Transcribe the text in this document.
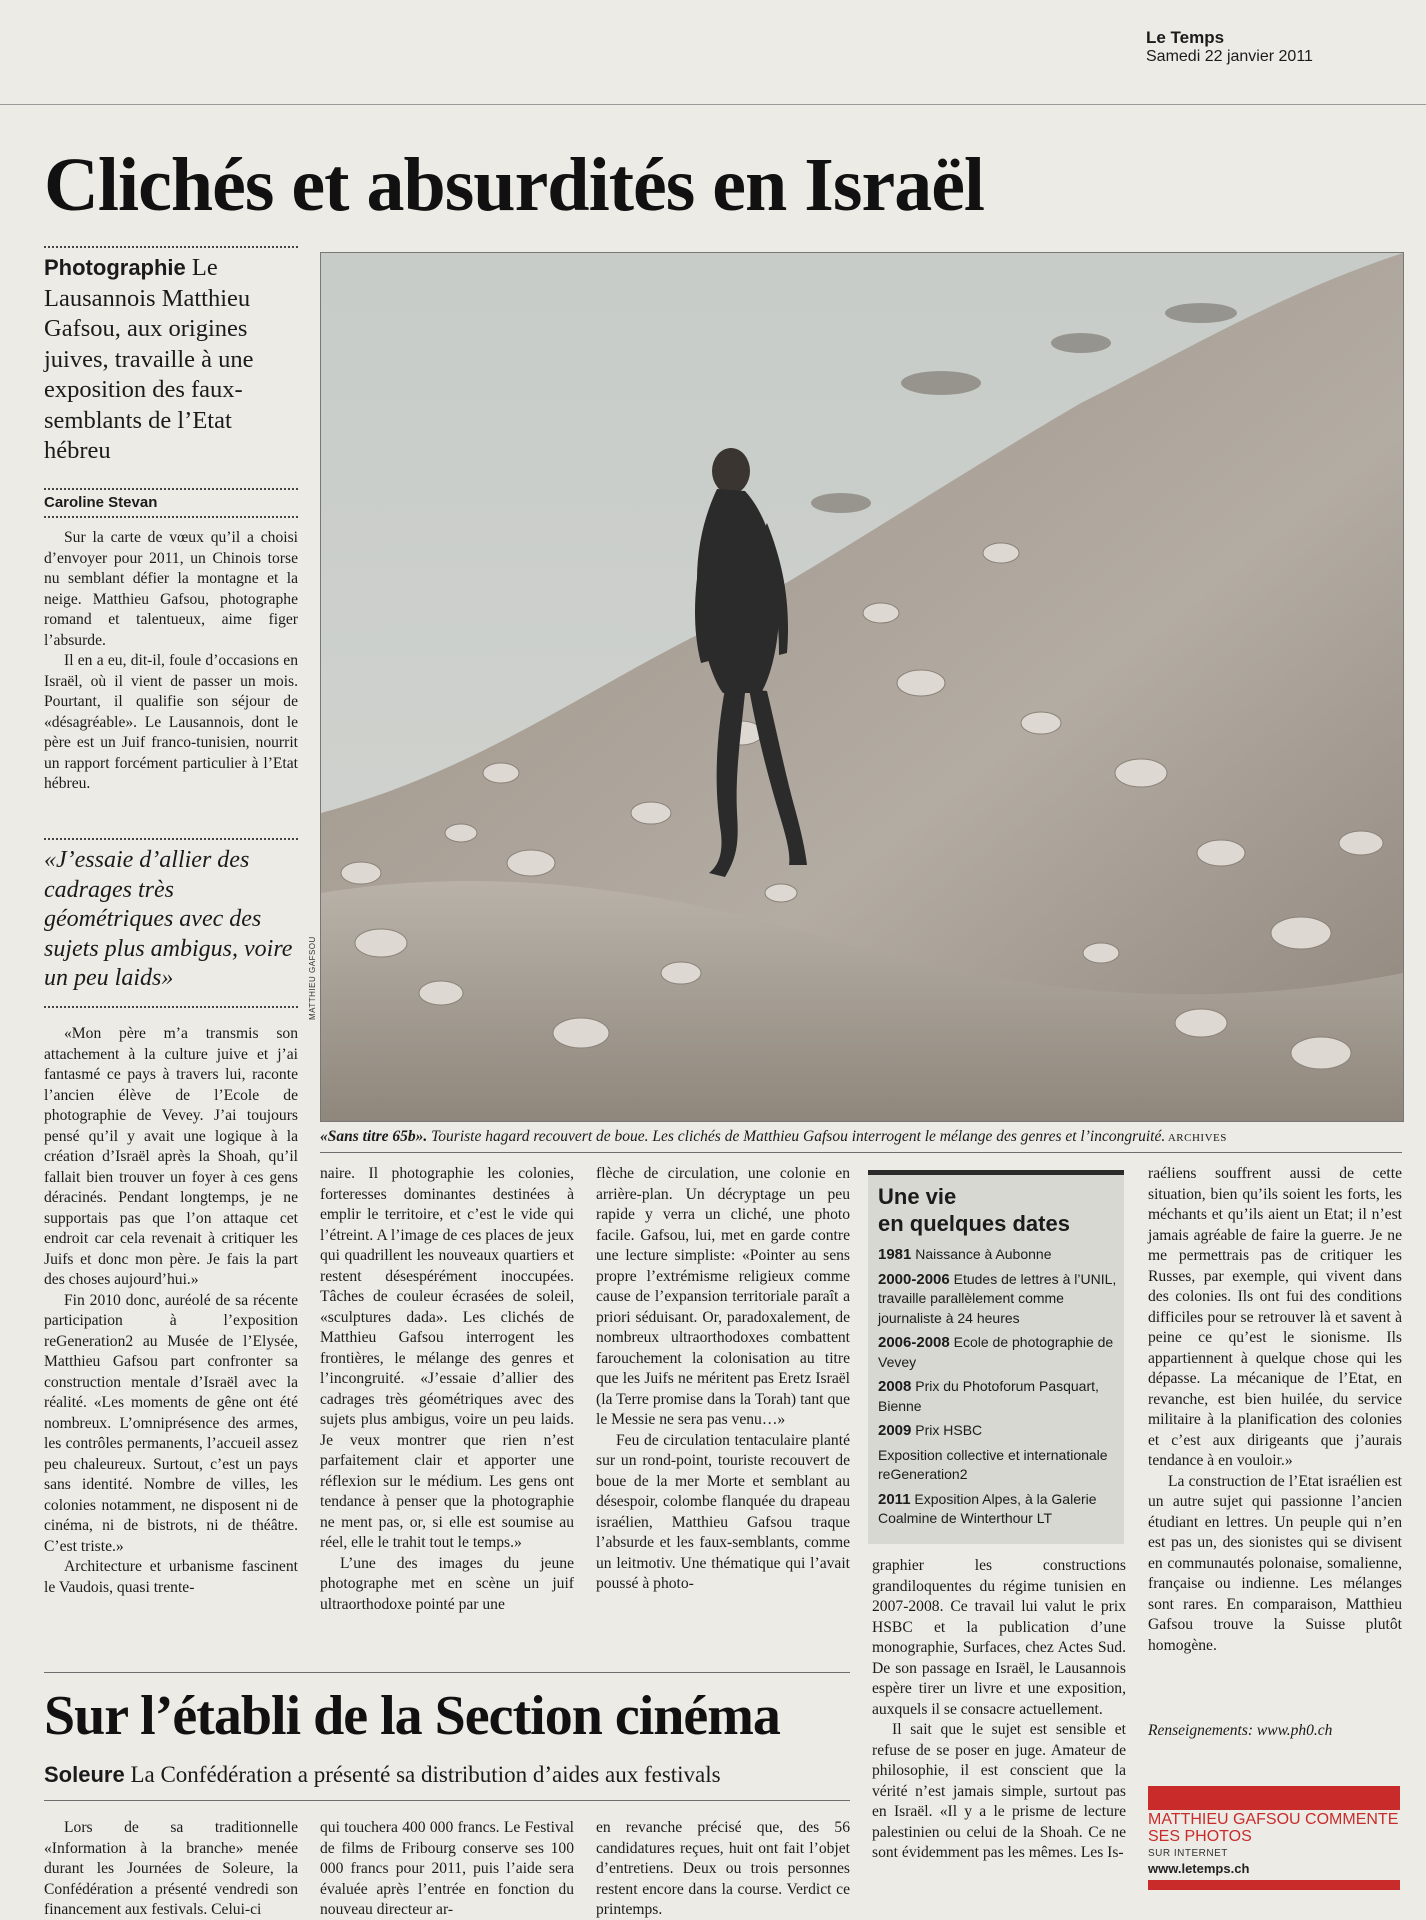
Le Temps
Samedi 22 janvier 2011
Clichés et absurdités en Israël
Photographie Le Lausannois Matthieu Gafsou, aux origines juives, travaille à une exposition des faux-semblants de l’Etat hébreu
Caroline Stevan

Sur la carte de vœux qu’il a choisi d’envoyer pour 2011, un Chinois torse nu semblant défier la montagne et la neige. Matthieu Gafsou, photographe romand et talentueux, aime figer l’absurde.

Il en a eu, dit-il, foule d’occasions en Israël, où il vient de passer un mois. Pourtant, il qualifie son séjour de «désagréable». Le Lausannois, dont le père est un Juif franco-tunisien, nourrit un rapport forcément particulier à l’Etat hébreu.

«J’essaie d’allier des cadrages très géométriques avec des sujets plus ambigus, voire un peu laids»

«Mon père m’a transmis son attachement à la culture juive et j’ai fantasmé ce pays à travers lui, raconte l’ancien élève de l’Ecole de photographie de Vevey. J’ai toujours pensé qu’il y avait une logique à la création d’Israël après la Shoah, qu’il fallait bien trouver un foyer à ces gens déracinés. Pendant longtemps, je ne supportais pas que l’on attaque cet endroit car cela revenait à critiquer les Juifs et donc mon père. Je fais la part des choses aujourd’hui.»

Fin 2010 donc, auréolé de sa récente participation à l’exposition reGeneration2 au Musée de l’Elysée, Matthieu Gafsou part confronter sa construction mentale d’Israël avec la réalité. «Les moments de gêne ont été nombreux. L’omniprésence des armes, les contrôles permanents, l’accueil assez peu chaleureux. Surtout, c’est un pays sans identité. Nombre de villes, les colonies notamment, ne disposent ni de cinéma, ni de bistrots, ni de théâtre. C’est triste.»

Architecture et urbanisme fascinent le Vaudois, quasi trente-

MATTHIEU GAFSOU
«Sans titre 65b». Touriste hagard recouvert de boue. Les clichés de Matthieu Gafsou interrogent le mélange des genres et l’incongruité. ARCHIVES

naire. Il photographie les colonies, forteresses dominantes destinées à emplir le territoire, et c’est le vide qui l’étreint. A l’image de ces places de jeux qui quadrillent les nouveaux quartiers et restent désespérément inoccupées. Tâches de couleur écrasées de soleil, «sculptures dada». Les clichés de Matthieu Gafsou interrogent les frontières, le mélange des genres et l’incongruité. «J’essaie d’allier des cadrages très géométriques avec des sujets plus ambigus, voire un peu laids. Je veux montrer que rien n’est parfaitement clair et apporter une réflexion sur le médium. Les gens ont tendance à penser que la photographie ne ment pas, or, si elle est soumise au réel, elle le trahit tout le temps.»

L’une des images du jeune photographe met en scène un juif ultraorthodoxe pointé par une

flèche de circulation, une colonie en arrière-plan. Un décryptage un peu rapide y verra un cliché, une photo facile. Gafsou, lui, met en garde contre une lecture simpliste: «Pointer au sens propre l’extrémisme religieux comme cause de l’expansion territoriale paraît a priori séduisant. Or, paradoxalement, de nombreux ultraorthodoxes combattent farouchement la colonisation au titre que les Juifs ne méritent pas Eretz Israël (la Terre promise dans la Torah) tant que le Messie ne sera pas venu…»

Feu de circulation tentaculaire planté sur un rond-point, touriste recouvert de boue de la mer Morte et semblant au désespoir, colombe flanquée du drapeau israélien, Matthieu Gafsou traque l’absurde et les faux-semblants, comme un leitmotiv. Une thématique qui l’avait poussé à photo-

Une vie
en quelques dates
1981 Naissance à Aubonne
2000-2006 Etudes de lettres à l’UNIL, travaille parallèlement comme journaliste à 24 heures
2006-2008 Ecole de photographie de Vevey
2008 Prix du Photoforum Pasquart, Bienne
2009 Prix HSBC
Exposition collective et internationale reGeneration2
2011 Exposition Alpes, à la Galerie Coalmine de Winterthour LT

graphier les constructions grandiloquentes du régime tunisien en 2007-2008. Ce travail lui valut le prix HSBC et la publication d’une monographie, Surfaces, chez Actes Sud. De son passage en Israël, le Lausannois espère tirer un livre et une exposition, auxquels il se consacre actuellement.

Il sait que le sujet est sensible et refuse de se poser en juge. Amateur de philosophie, il est conscient que la vérité n’est jamais simple, surtout pas en Israël. «Il y a le prisme de lecture palestinien ou celui de la Shoah. Ce ne sont évidemment pas les mêmes. Les Is-

raéliens souffrent aussi de cette situation, bien qu’ils soient les forts, les méchants et qu’ils aient un Etat; il n’est jamais agréable de faire la guerre. Je ne me permettrais pas de critiquer les Russes, par exemple, qui vivent dans des colonies. Ils ont fui des conditions difficiles pour se retrouver là et savent à peine ce qu’est le sionisme. Ils appartiennent à quelque chose qui les dépasse. La mécanique de l’Etat, en revanche, est bien huilée, du service militaire à la planification des colonies et c’est aux dirigeants que j’aurais tendance à en vouloir.»

La construction de l’Etat israélien est un autre sujet qui passionne l’ancien étudiant en lettres. Un peuple qui n’en est pas un, des sionistes qui se divisent en communautés polonaise, somalienne, française ou indienne. Les mélanges sont rares. En comparaison, Matthieu Gafsou trouve la Suisse plutôt homogène.

Renseignements: www.ph0.ch
MATTHIEU GAFSOU COMMENTE SES PHOTOS
SUR INTERNET
www.letemps.ch
Sur l’établi de la Section cinéma
Soleure La Confédération a présenté sa distribution d’aides aux festivals

Lors de sa traditionnelle «Information à la branche» menée durant les Journées de Soleure, la Confédération a présenté vendredi son financement aux festivals. Celui-ci

qui touchera 400 000 francs. Le Festival de films de Fribourg conserve ses 100 000 francs pour 2011, puis l’aide sera évaluée après l’entrée en fonction du nouveau directeur ar-

en revanche précisé que, des 56 candidatures reçues, huit ont fait l’objet d’entretiens. Deux ou trois personnes restent encore dans la course. Verdict ce printemps.
